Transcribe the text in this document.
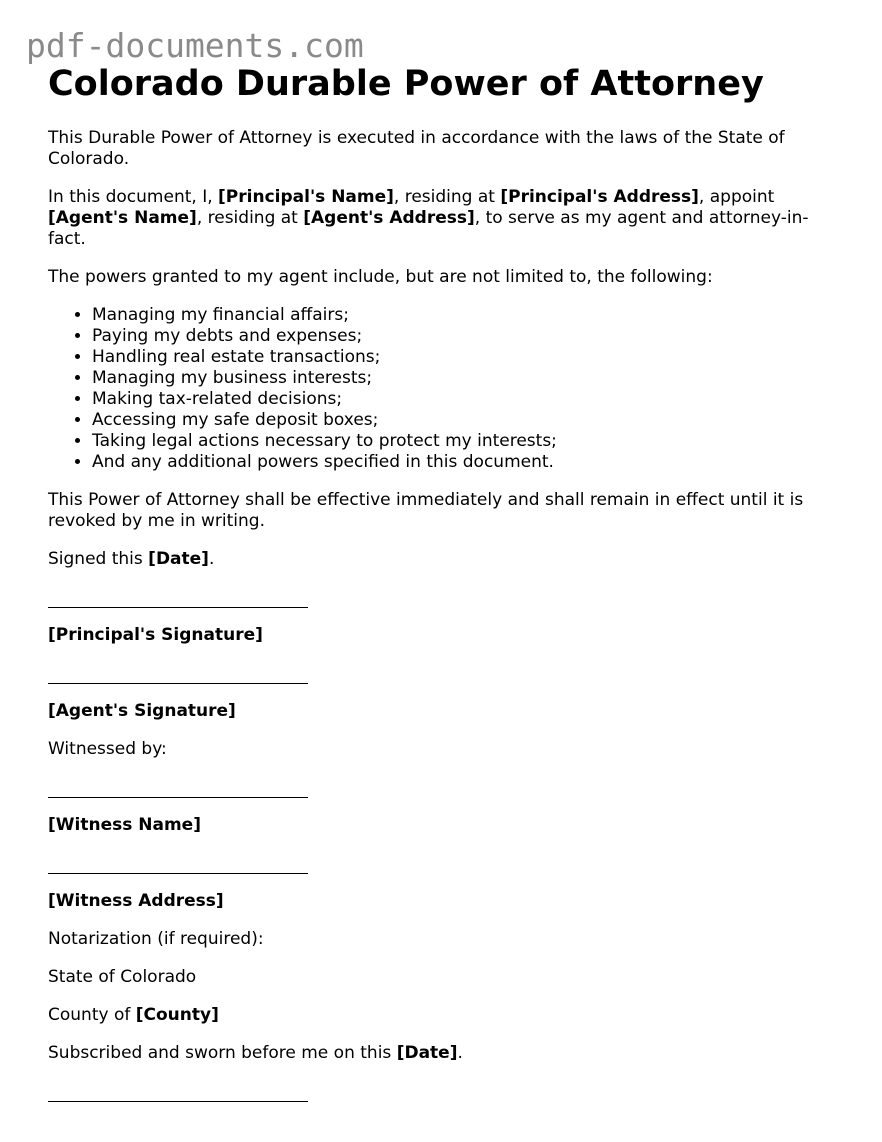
pdf-documents.com
Colorado Durable Power of Attorney

This Durable Power of Attorney is executed in accordance with the laws of the State of Colorado.

In this document, I, [Principal's Name], residing at [Principal's Address], appoint [Agent's Name], residing at [Agent's Address], to serve as my agent and attorney-in-fact.

The powers granted to my agent include, but are not limited to, the following:

• Managing my financial affairs;
• Paying my debts and expenses;
• Handling real estate transactions;
• Managing my business interests;
• Making tax-related decisions;
• Accessing my safe deposit boxes;
• Taking legal actions necessary to protect my interests;
• And any additional powers specified in this document.

This Power of Attorney shall be effective immediately and shall remain in effect until it is revoked by me in writing.

Signed this [Date].

[Principal's Signature]

[Agent's Signature]

Witnessed by:

[Witness Name]

[Witness Address]

Notarization (if required):

State of Colorado

County of [County]

Subscribed and sworn before me on this [Date].
